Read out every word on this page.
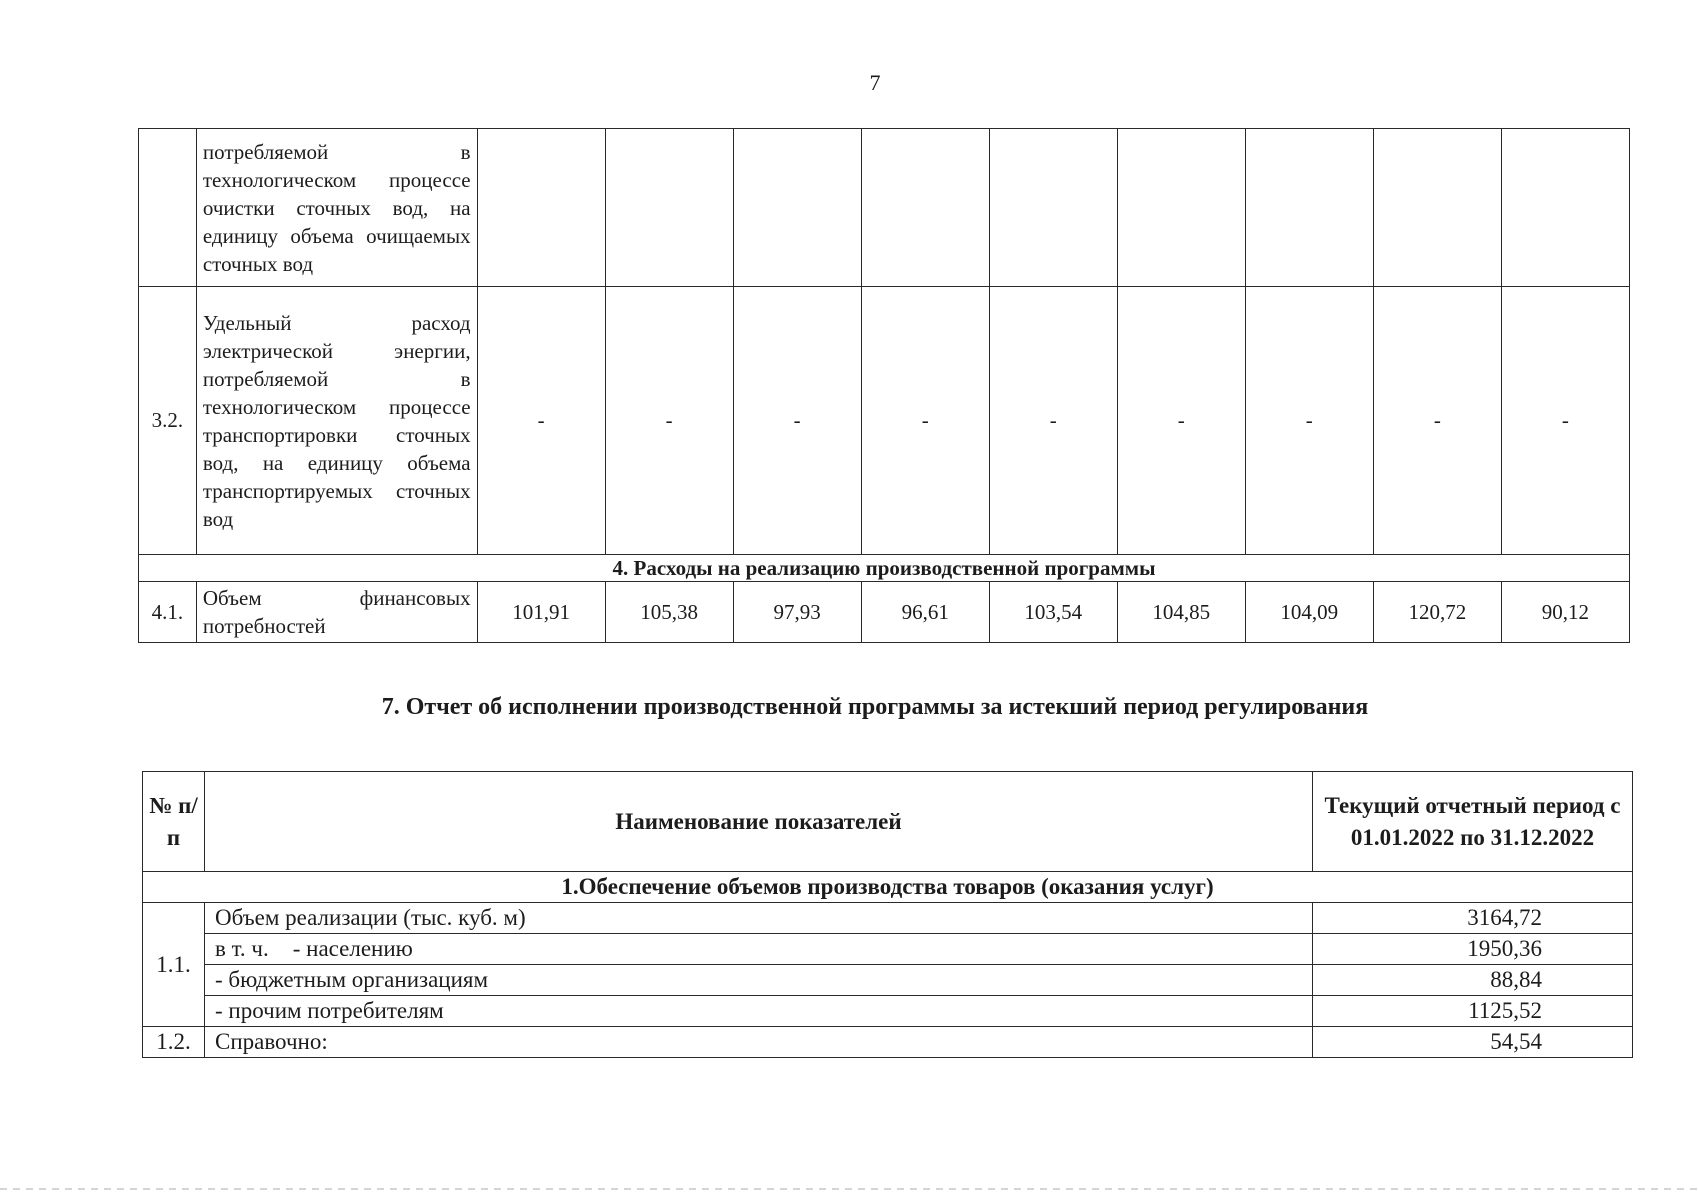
7
	потребляемой в технологическом процессе очистки сточных вод, на единицу объема очищаемых сточных вод									
3.2.	Удельный расход электрической энергии, потребляемой в технологическом процессе транспортировки сточных вод, на единицу объема транспортируемых сточных вод	-	-	-	-	-	-	-	-	-
4. Расходы на реализацию производственной программы										
4.1.	Объем финансовых потребностей	101,91	105,38	97,93	96,61	103,54	104,85	104,09	120,72	90,12
7. Отчет об исполнении производственной программы за истекший период регулирования
№ п/п	Наименование показателей	Текущий отчетный период с 01.01.2022 по 31.12.2022
1.Обеспечение объемов производства товаров (оказания услуг)		
1.1.	Объем реализации (тыс. куб. м)	3164,72
	в т. ч. - населению	1950,36
	- бюджетным организациям	88,84
	- прочим потребителям	1125,52
1.2.	Справочно:	54,54
